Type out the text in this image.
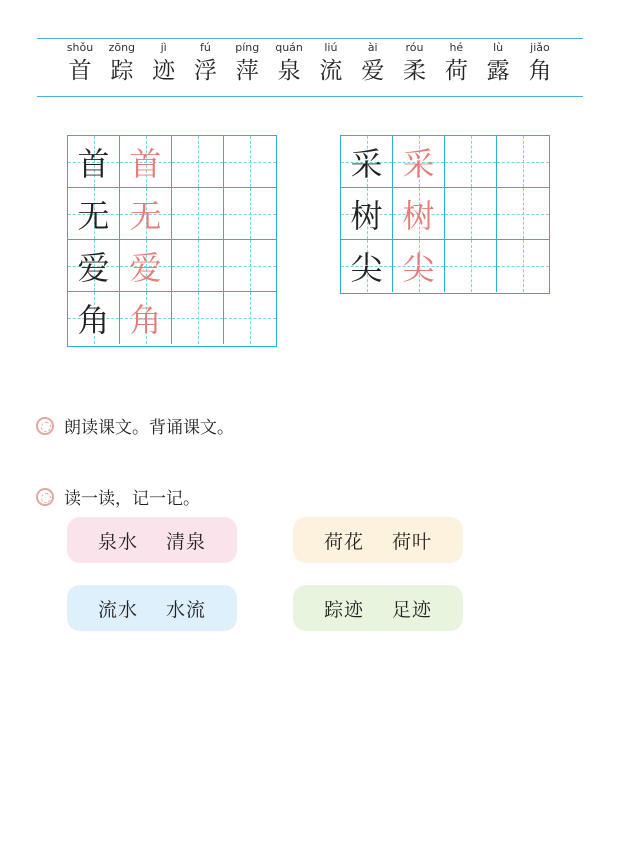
shǒu
首
zōng
踪
jì
迹
fú
浮
píng
萍
quán
泉
liú
流
ài
爱
róu
柔
hé
荷
lù
露
jiǎo
角
首 首
无 无
爱 爱
角 角
采 采
树 树
尖 尖
朗读课文。背诵课文。
读一读，记一记。
泉水 清泉	荷花 荷叶
流水 水流	踪迹 足迹
